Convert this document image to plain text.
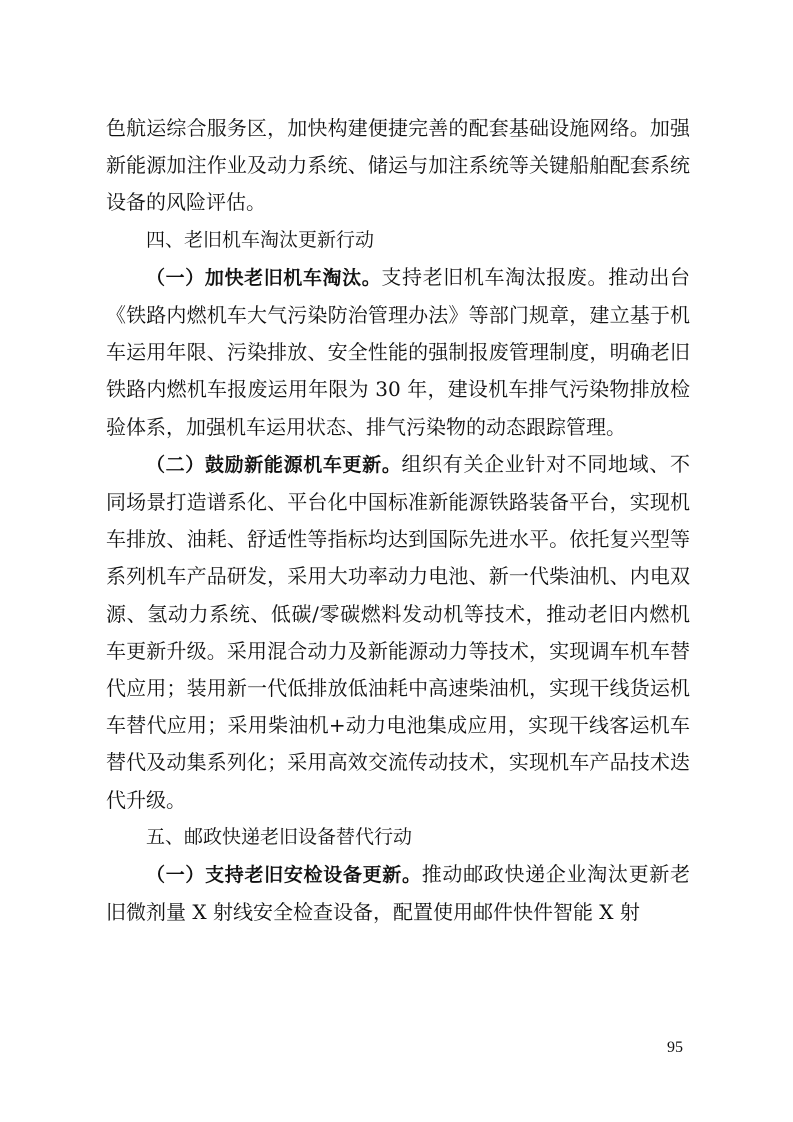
色航运综合服务区，加快构建便捷完善的配套基础设施网络。加强新能源加注作业及动力系统、储运与加注系统等关键船舶配套系统设备的风险评估。

四、老旧机车淘汰更新行动

（一）加快老旧机车淘汰。支持老旧机车淘汰报废。推动出台《铁路内燃机车大气污染防治管理办法》等部门规章，建立基于机车运用年限、污染排放、安全性能的强制报废管理制度，明确老旧铁路内燃机车报废运用年限为 30 年，建设机车排气污染物排放检验体系，加强机车运用状态、排气污染物的动态跟踪管理。

（二）鼓励新能源机车更新。组织有关企业针对不同地域、不同场景打造谱系化、平台化中国标准新能源铁路装备平台，实现机车排放、油耗、舒适性等指标均达到国际先进水平。依托复兴型等系列机车产品研发，采用大功率动力电池、新一代柴油机、内电双源、氢动力系统、低碳/零碳燃料发动机等技术，推动老旧内燃机车更新升级。采用混合动力及新能源动力等技术，实现调车机车替代应用；装用新一代低排放低油耗中高速柴油机，实现干线货运机车替代应用；采用柴油机+动力电池集成应用，实现干线客运机车替代及动集系列化；采用高效交流传动技术，实现机车产品技术迭代升级。

五、邮政快递老旧设备替代行动

（一）支持老旧安检设备更新。推动邮政快递企业淘汰更新老旧微剂量 X 射线安全检查设备，配置使用邮件快件智能 X 射

95
